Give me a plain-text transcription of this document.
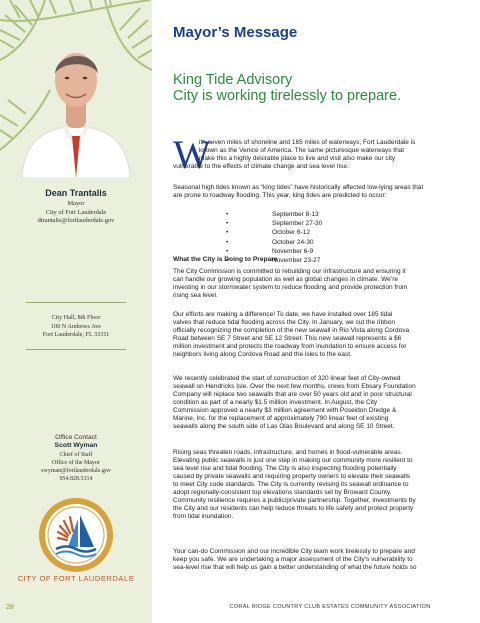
Dean Trantalis
Mayor
City of Fort Lauderdale
dtrantalis@fortlauderdale.gov
City Hall, 8th Floor
100 N Andrews Ave
Fort Lauderdale, FL 33311
Office Contact
Scott Wyman
Chief of Staff
Office of the Mayor
swyman@fortlauderdale.gov
954.828.5314
CITY OF FORT LAUDERDALE
Mayor’s Message
King Tide Advisory
City is working tirelessly to prepare.
W
ith seven miles of shoreline and 165 miles of waterways, Fort Lauderdale is
known as the Venice of America. The same picturesque waterways that
make this a highly desirable place to live and visit also make our city
vulnerable to the effects of climate change and sea level rise.
Seasonal high tides known as “king tides” have historically affected low-lying areas that
are prone to roadway flooding. This year, king tides are predicted to occur:
• September 8-13
• September 27-30
• October 6-12
• October 24-30
• November 6-9
• November 23-27
What the City is Doing to Prepare
The City Commission is committed to rebuilding our infrastructure and ensuring it
can handle our growing population as well as global changes in climate. We’re
investing in our stormwater system to reduce flooding and provide protection from
rising sea level.
Our efforts are making a difference! To date, we have installed over 185 tidal
valves that reduce tidal flooding across the City. In January, we cut the ribbon
officially recognizing the completion of the new seawall in Rio Vista along Cordova
Road between SE 7 Street and SE 12 Street. This new seawall represents a $6
million investment and protects the roadway from inundation to ensure access for
neighbors living along Cordova Road and the isles to the east.
We recently celebrated the start of construction of 320 linear feet of City-owned
seawall on Hendricks Isle. Over the next few months, crews from Ebsary Foundation
Company will replace two seawalls that are over 50 years old and in poor structural
condition as part of a nearly $1.5 million investment. In August, the City
Commission approved a nearly $3 million agreement with Poseidon Dredge &
Marine, Inc. for the replacement of approximately 790 linear feet of existing
seawalls along the south side of Las Olas Boulevard and along SE 10 Street.
Rising seas threaten roads, infrastructure, and homes in flood-vulnerable areas.
Elevating public seawalls is just one step in making our community more resilient to
sea level rise and tidal flooding. The City is also inspecting flooding potentially
caused by private seawalls and requiring property owners to elevate their seawalls
to meet City code standards. The City is currently revising its seawall ordinance to
adopt regionally-consistent top elevations standards set by Broward County.
Community resilience requires a public/private partnership. Together, investments by
the City and our residents can help reduce threats to life safety and protect property
from tidal inundation.
Your can-do Commission and our incredible City team work tirelessly to prepare and
keep you safe. We are undertaking a major assessment of the City’s vulnerability to
sea-level rise that will help us gain a better understanding of what the future holds so
28	CORAL RIDGE COUNTRY CLUB ESTATES COMMUNITY ASSOCIATION
